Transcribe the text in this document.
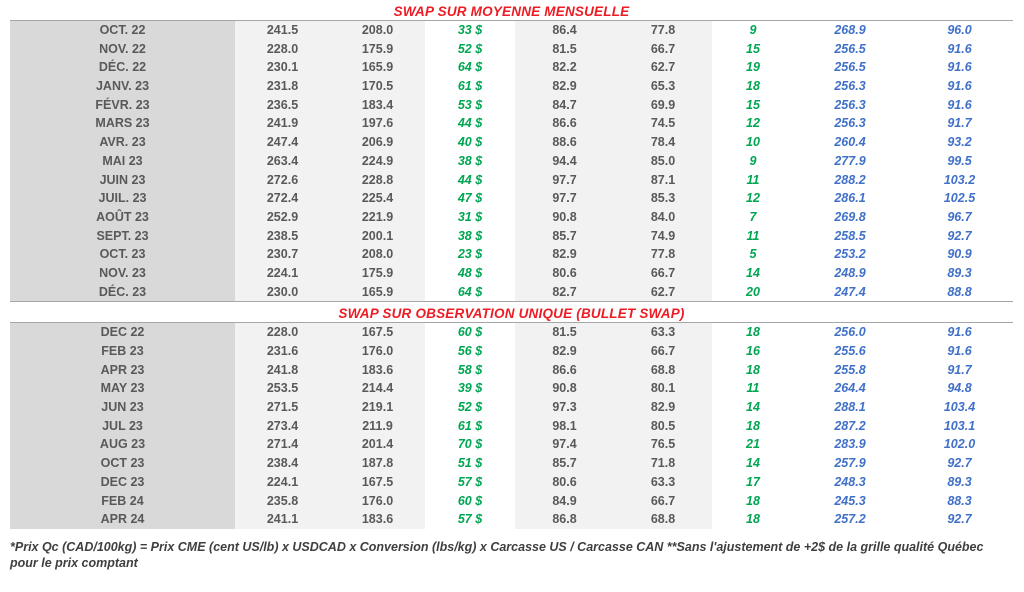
SWAP SUR MOYENNE MENSUELLE
OCT. 22	241.5	208.0	33 $	86.4	77.8	9	268.9	96.0
NOV. 22	228.0	175.9	52 $	81.5	66.7	15	256.5	91.6
DÉC. 22	230.1	165.9	64 $	82.2	62.7	19	256.5	91.6
JANV. 23	231.8	170.5	61 $	82.9	65.3	18	256.3	91.6
FÉVR. 23	236.5	183.4	53 $	84.7	69.9	15	256.3	91.6
MARS 23	241.9	197.6	44 $	86.6	74.5	12	256.3	91.7
AVR. 23	247.4	206.9	40 $	88.6	78.4	10	260.4	93.2
MAI 23	263.4	224.9	38 $	94.4	85.0	9	277.9	99.5
JUIN 23	272.6	228.8	44 $	97.7	87.1	11	288.2	103.2
JUIL. 23	272.4	225.4	47 $	97.7	85.3	12	286.1	102.5
AOÛT 23	252.9	221.9	31 $	90.8	84.0	7	269.8	96.7
SEPT. 23	238.5	200.1	38 $	85.7	74.9	11	258.5	92.7
OCT. 23	230.7	208.0	23 $	82.9	77.8	5	253.2	90.9
NOV. 23	224.1	175.9	48 $	80.6	66.7	14	248.9	89.3
DÉC. 23	230.0	165.9	64 $	82.7	62.7	20	247.4	88.8
SWAP SUR OBSERVATION UNIQUE (BULLET SWAP)
DEC 22	228.0	167.5	60 $	81.5	63.3	18	256.0	91.6
FEB 23	231.6	176.0	56 $	82.9	66.7	16	255.6	91.6
APR 23	241.8	183.6	58 $	86.6	68.8	18	255.8	91.7
MAY 23	253.5	214.4	39 $	90.8	80.1	11	264.4	94.8
JUN 23	271.5	219.1	52 $	97.3	82.9	14	288.1	103.4
JUL 23	273.4	211.9	61 $	98.1	80.5	18	287.2	103.1
AUG 23	271.4	201.4	70 $	97.4	76.5	21	283.9	102.0
OCT 23	238.4	187.8	51 $	85.7	71.8	14	257.9	92.7
DEC 23	224.1	167.5	57 $	80.6	63.3	17	248.3	89.3
FEB 24	235.8	176.0	60 $	84.9	66.7	18	245.3	88.3
APR 24	241.1	183.6	57 $	86.8	68.8	18	257.2	92.7
*Prix Qc (CAD/100kg) = Prix CME (cent US/lb) x USDCAD x Conversion (lbs/kg) x Carcasse US / Carcasse CAN **Sans l'ajustement de +2$ de la grille qualité Québec pour le prix comptant
